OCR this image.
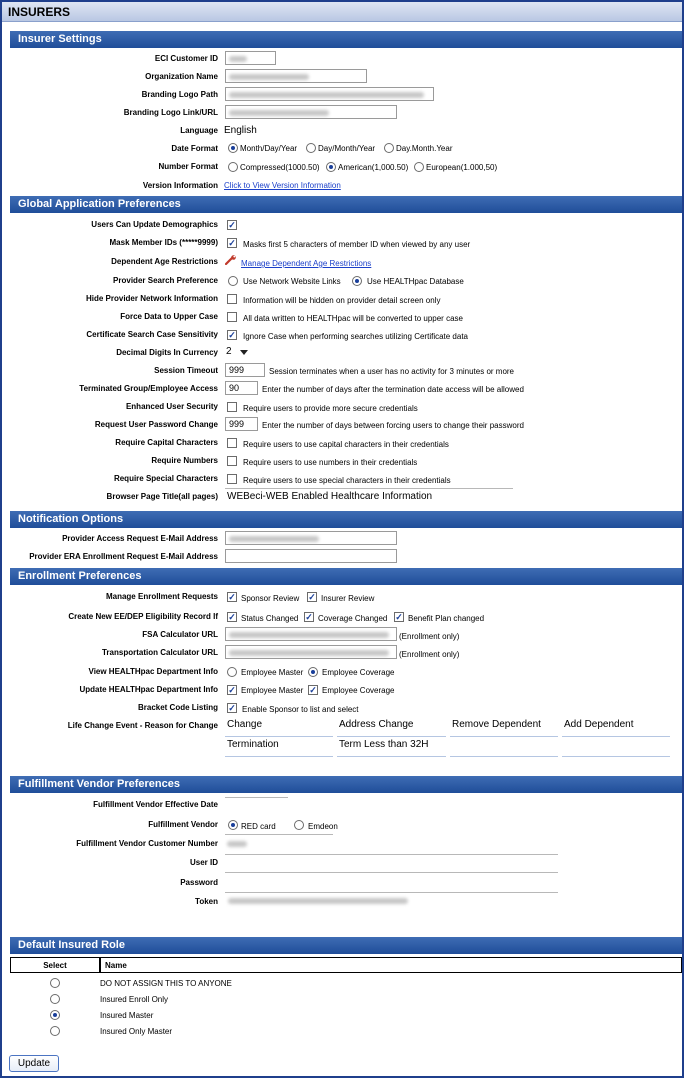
INSURERS
Insurer Settings
ECI Customer ID
Organization Name
Branding Logo Path
Branding Logo Link/URL
Language English
Date Format	Month/Day/Year	Day/Month/Year	Day.Month.Year
Number Format	Compressed(1000.50) American(1,000.50) European(1.000,50)
Version Information Click to View Version Information
Global Application Preferences
Users Can Update Demographics ✓
Mask Member IDs (*****9999) ✓ Masks first 5 characters of member ID when viewed by any user
Dependent Age Restrictions	Manage Dependent Age Restrictions
Provider Search Preference	Use Network Website Links	Use HEALTHpac Database
Hide Provider Network Information	Information will be hidden on provider detail screen only
Force Data to Upper Case	All data written to HEALTHpac will be converted to upper case
Certificate Search Case Sensitivity ✓ Ignore Case when performing searches utilizing Certificate data
Decimal Digits In Currency 2
Session Timeout	999	Session terminates when a user has no activity for 3 minutes or more
Terminated Group/Employee Access	90	Enter the number of days after the termination date access will be allowed
Enhanced User Security	Require users to provide more secure credentials
Request User Password Change	999	Enter the number of days between forcing users to change their password
Require Capital Characters	Require users to use capital characters in their credentials
Require Numbers	Require users to use numbers in their credentials
Require Special Characters	Require users to use special characters in their credentials
Browser Page Title(all pages) WEBeci-WEB Enabled Healthcare Information
Notification Options
Provider Access Request E-Mail Address
Provider ERA Enrollment Request E-Mail Address
Enrollment Preferences
Manage Enrollment Requests ✓ Sponsor Review ✓ Insurer Review
Create New EE/DEP Eligibility Record If ✓ Status Changed ✓ Coverage Changed ✓ Benefit Plan changed
FSA Calculator URL	(Enrollment only)
Transportation Calculator URL	(Enrollment only)
View HEALTHpac Department Info	Employee Master Employee Coverage
Update HEALTHpac Department Info ✓ Employee Master ✓ Employee Coverage
Bracket Code Listing ✓ Enable Sponsor to list and select
Life Change Event - Reason for Change Change	Address Change	Remove Dependent	Add Dependent
Termination	Term Less than 32H
Fulfillment Vendor Preferences
Fulfillment Vendor Effective Date
Fulfillment Vendor	RED card	Emdeon
Fulfillment Vendor Customer Number
User ID
Password
Token
Default Insured Role
Select	Name
DO NOT ASSIGN THIS TO ANYONE
Insured Enroll Only
Insured Master
Insured Only Master
Update
